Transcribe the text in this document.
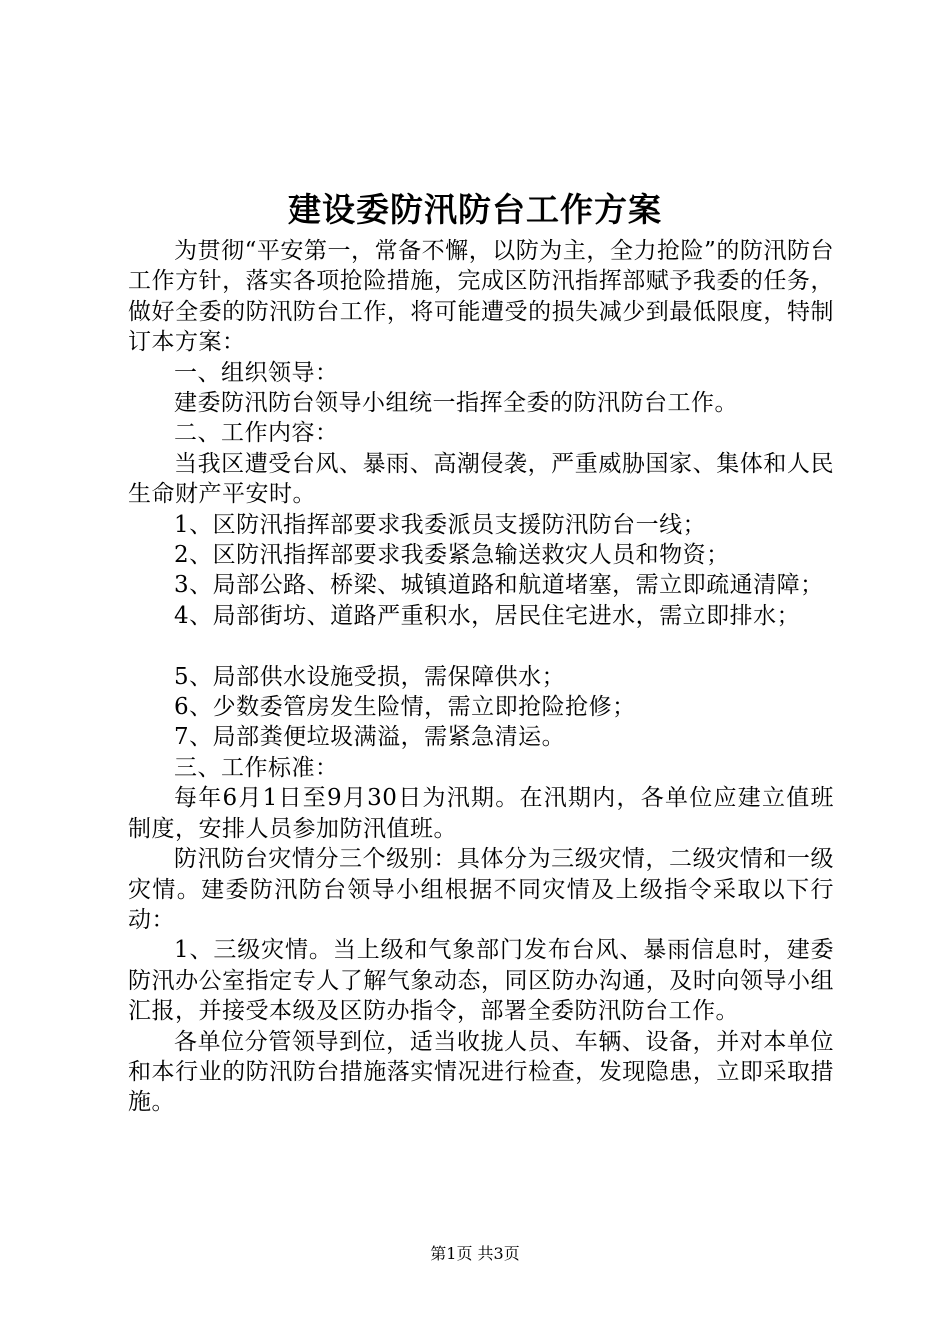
建设委防汛防台工作方案

为贯彻“平安第一，常备不懈，以防为主，全力抢险”的防汛防台工作方针，落实各项抢险措施，完成区防汛指挥部赋予我委的任务，做好全委的防汛防台工作，将可能遭受的损失减少到最低限度，特制订本方案：

一、组织领导：

建委防汛防台领导小组统一指挥全委的防汛防台工作。

二、工作内容：

当我区遭受台风、暴雨、高潮侵袭，严重威胁国家、集体和人民生命财产平安时。

1、区防汛指挥部要求我委派员支援防汛防台一线；

2、区防汛指挥部要求我委紧急输送救灾人员和物资；

3、局部公路、桥梁、城镇道路和航道堵塞，需立即疏通清障；

4、局部街坊、道路严重积水，居民住宅进水，需立即排水；

5、局部供水设施受损，需保障供水；

6、少数委管房发生险情，需立即抢险抢修；

7、局部粪便垃圾满溢，需紧急清运。

三、工作标准：

每年6月1日至9月30日为汛期。在汛期内，各单位应建立值班制度，安排人员参加防汛值班。

防汛防台灾情分三个级别：具体分为三级灾情，二级灾情和一级灾情。建委防汛防台领导小组根据不同灾情及上级指令采取以下行动：

1、三级灾情。当上级和气象部门发布台风、暴雨信息时，建委防汛办公室指定专人了解气象动态，同区防办沟通，及时向领导小组汇报，并接受本级及区防办指令，部署全委防汛防台工作。

各单位分管领导到位，适当收拢人员、车辆、设备，并对本单位和本行业的防汛防台措施落实情况进行检查，发现隐患，立即采取措施。

第1页 共3页
